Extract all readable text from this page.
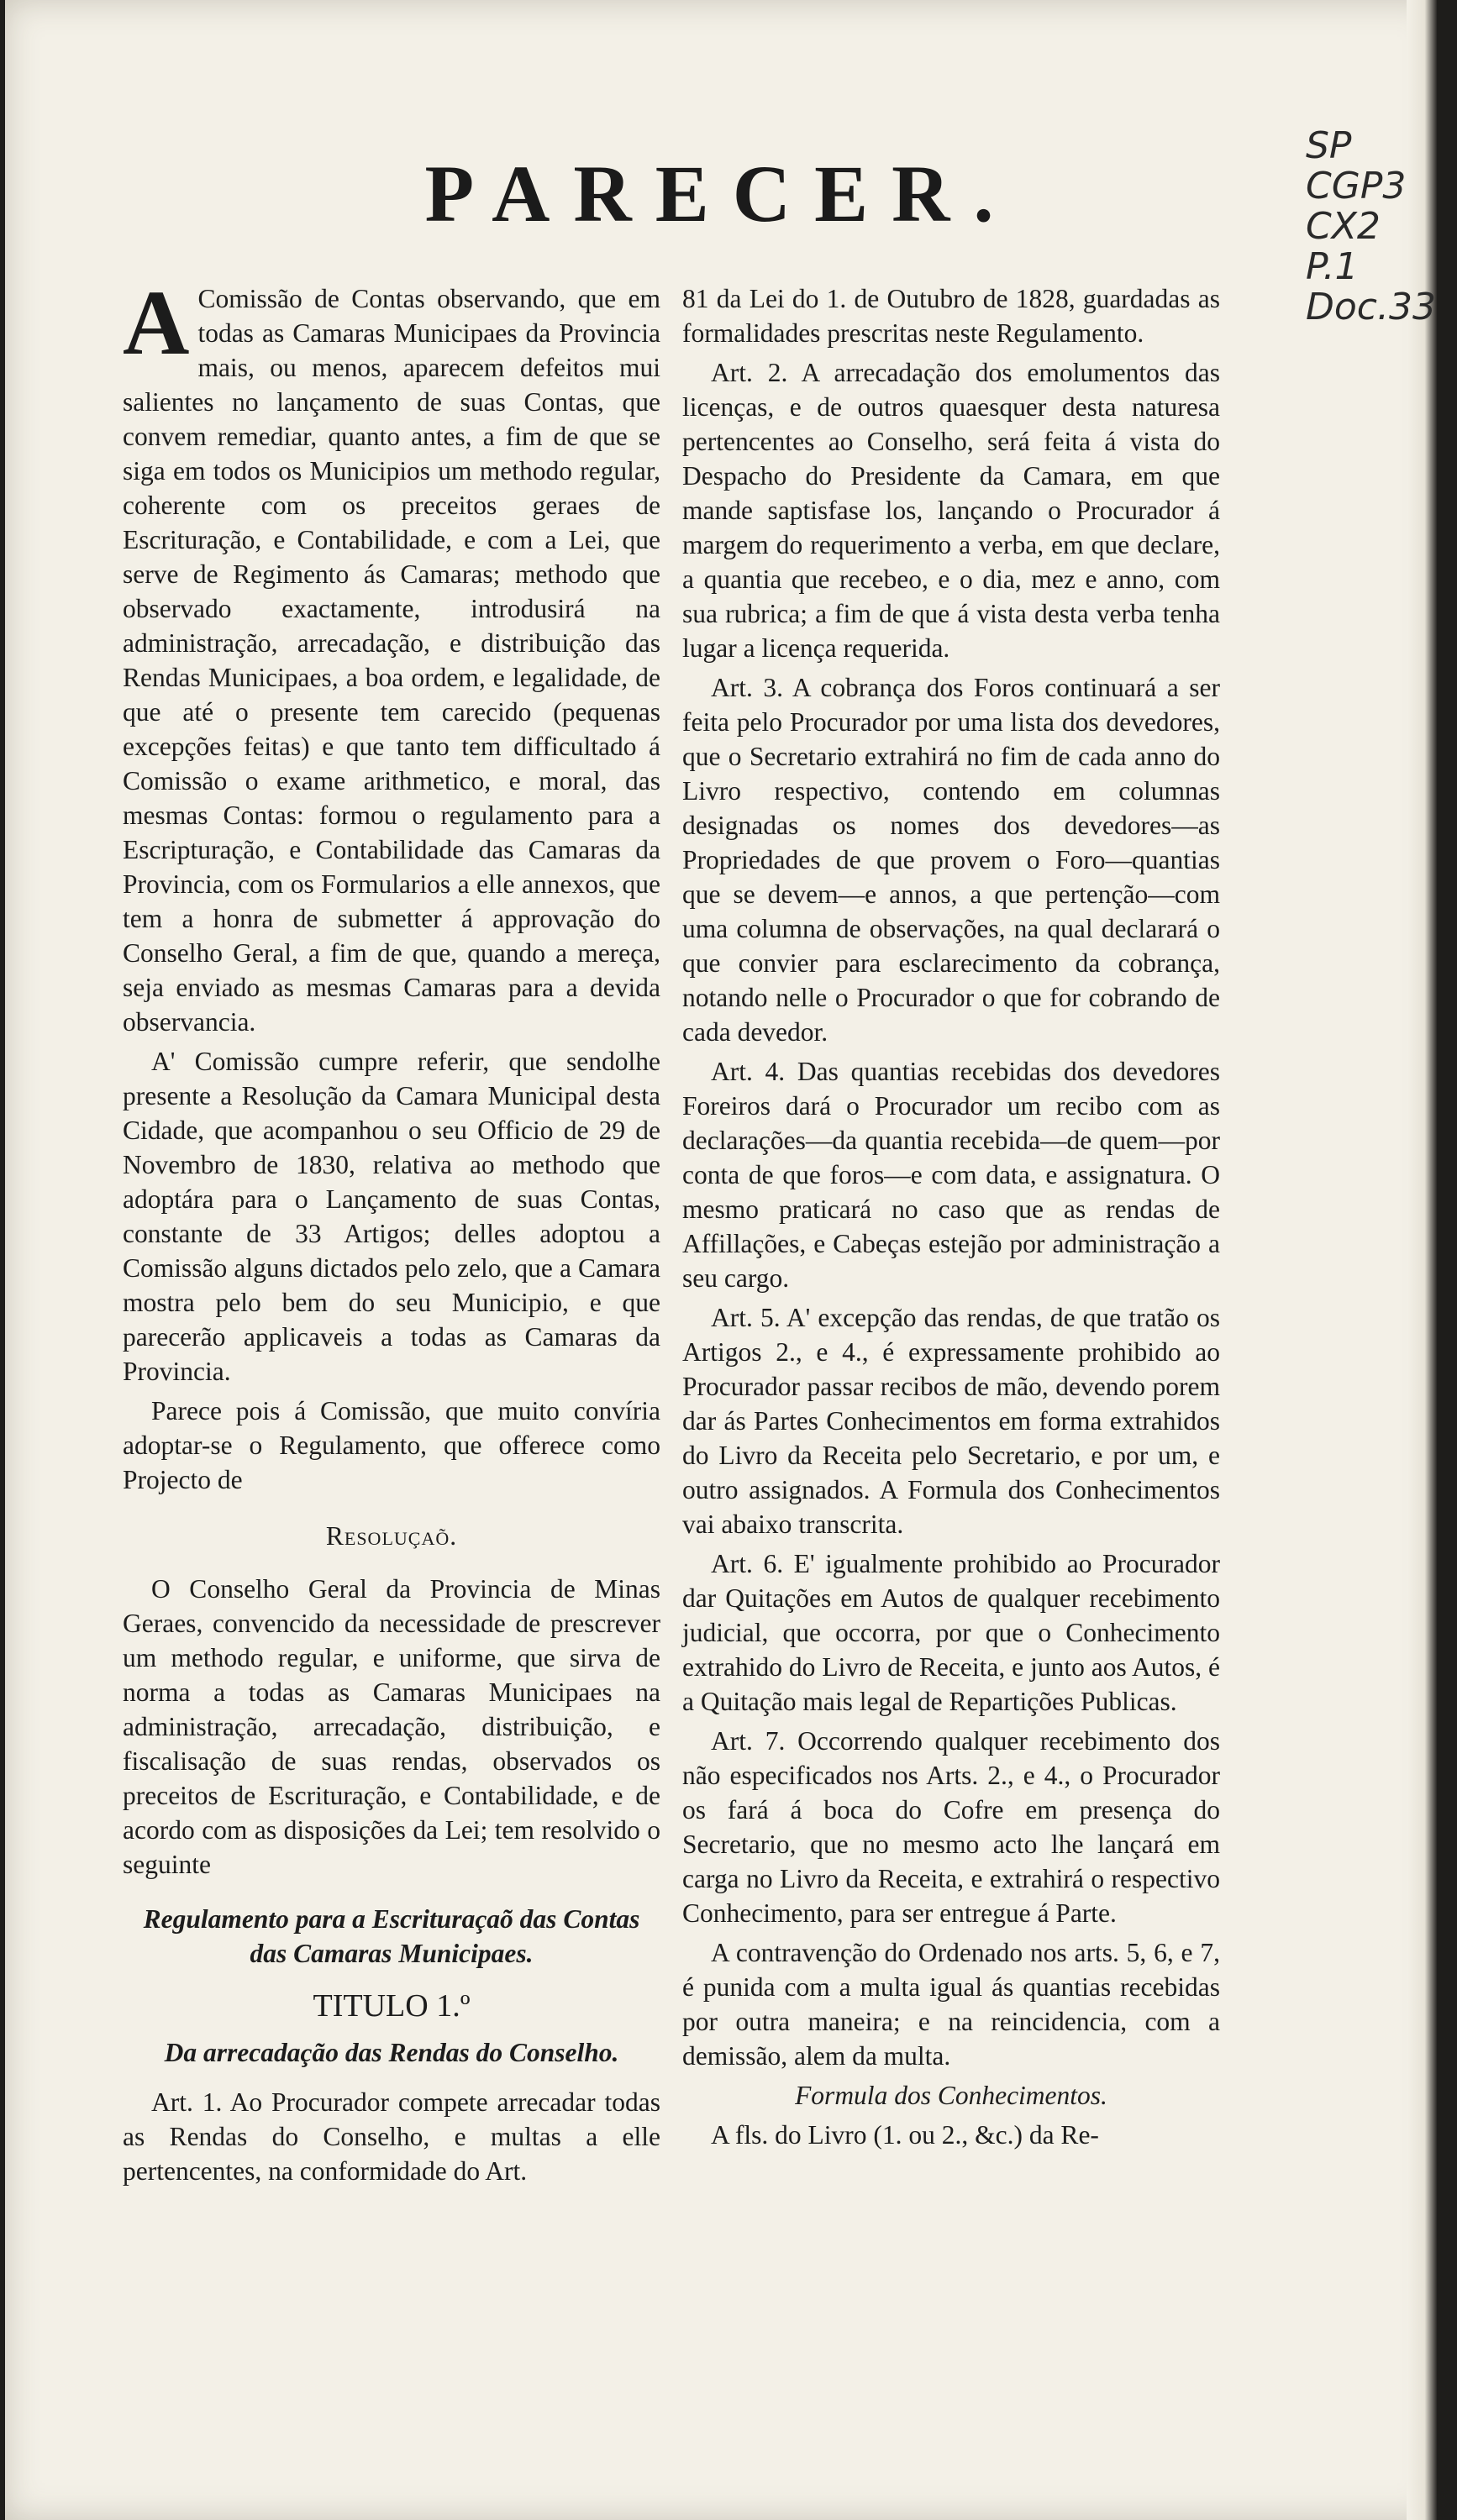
PARECER.
SP
CGP3
CX2
P.1
Doc.33

A Comissão de Contas observando, que em todas as Camaras Municipaes da Provincia mais, ou menos, aparecem defeitos mui salientes no lançamento de suas Contas, que convem remediar, quanto antes, a fim de que se siga em todos os Municipios um methodo regular, coherente com os preceitos geraes de Escrituração, e Contabilidade, e com a Lei, que serve de Regimento ás Camaras; methodo que observado exactamente, introdusirá na administração, arrecadação, e distribuição das Rendas Municipaes, a boa ordem, e legalidade, de que até o presente tem carecido (pequenas excepções feitas) e que tanto tem difficultado á Comissão o exame arithmetico, e moral, das mesmas Contas: formou o regulamento para a Escripturação, e Contabilidade das Camaras da Provincia, com os Formularios a elle annexos, que tem a honra de submetter á approvação do Conselho Geral, a fim de que, quando a mereça, seja enviado as mesmas Camaras para a devida observancia.

A' Comissão cumpre referir, que sendolhe presente a Resolução da Camara Municipal desta Cidade, que acompanhou o seu Officio de 29 de Novembro de 1830, relativa ao methodo que adoptára para o Lançamento de suas Contas, constante de 33 Artigos; delles adoptou a Comissão alguns dictados pelo zelo, que a Camara mostra pelo bem do seu Municipio, e que parecerão applicaveis a todas as Camaras da Provincia.

Parece pois á Comissão, que muito convíria adoptar-se o Regulamento, que offerece como Projecto de

Resoluçaõ.

O Conselho Geral da Provincia de Minas Geraes, convencido da necessidade de prescrever um methodo regular, e uniforme, que sirva de norma a todas as Camaras Municipaes na administração, arrecadação, distribuição, e fiscalisação de suas rendas, observados os preceitos de Escrituração, e Contabilidade, e de acordo com as disposições da Lei; tem resolvido o seguinte

Regulamento para a Escrituraçaõ das Contas das Camaras Municipaes.

TITULO 1.º

Da arrecadação das Rendas do Conselho.

Art. 1. Ao Procurador compete arrecadar todas as Rendas do Conselho, e multas a elle pertencentes, na conformidade do Art.

81 da Lei do 1. de Outubro de 1828, guardadas as formalidades prescritas neste Regulamento.

Art. 2. A arrecadação dos emolumentos das licenças, e de outros quaesquer desta naturesa pertencentes ao Conselho, será feita á vista do Despacho do Presidente da Camara, em que mande saptisfase los, lançando o Procurador á margem do requerimento a verba, em que declare, a quantia que recebeo, e o dia, mez e anno, com sua rubrica; a fim de que á vista desta verba tenha lugar a licença requerida.

Art. 3. A cobrança dos Foros continuará a ser feita pelo Procurador por uma lista dos devedores, que o Secretario extrahirá no fim de cada anno do Livro respectivo, contendo em columnas designadas os nomes dos devedores—as Propriedades de que provem o Foro—quantias que se devem—e annos, a que pertenção—com uma columna de observações, na qual declarará o que convier para esclarecimento da cobrança, notando nelle o Procurador o que for cobrando de cada devedor.

Art. 4. Das quantias recebidas dos devedores Foreiros dará o Procurador um recibo com as declarações—da quantia recebida—de quem—por conta de que foros—e com data, e assignatura. O mesmo praticará no caso que as rendas de Affillações, e Cabeças estejão por administração a seu cargo.

Art. 5. A' excepção das rendas, de que tratão os Artigos 2., e 4., é expressamente prohibido ao Procurador passar recibos de mão, devendo porem dar ás Partes Conhecimentos em forma extrahidos do Livro da Receita pelo Secretario, e por um, e outro assignados. A Formula dos Conhecimentos vai abaixo transcrita.

Art. 6. E' igualmente prohibido ao Procurador dar Quitações em Autos de qualquer recebimento judicial, que occorra, por que o Conhecimento extrahido do Livro de Receita, e junto aos Autos, é a Quitação mais legal de Repartições Publicas.

Art. 7. Occorrendo qualquer recebimento dos não especificados nos Arts. 2., e 4., o Procurador os fará á boca do Cofre em presença do Secretario, que no mesmo acto lhe lançará em carga no Livro da Receita, e extrahirá o respectivo Conhecimento, para ser entregue á Parte.

A contravenção do Ordenado nos arts. 5, 6, e 7, é punida com a multa igual ás quantias recebidas por outra maneira; e na reincidencia, com a demissão, alem da multa.

Formula dos Conhecimentos.

A fls. do Livro (1. ou 2., &c.) da Re-
